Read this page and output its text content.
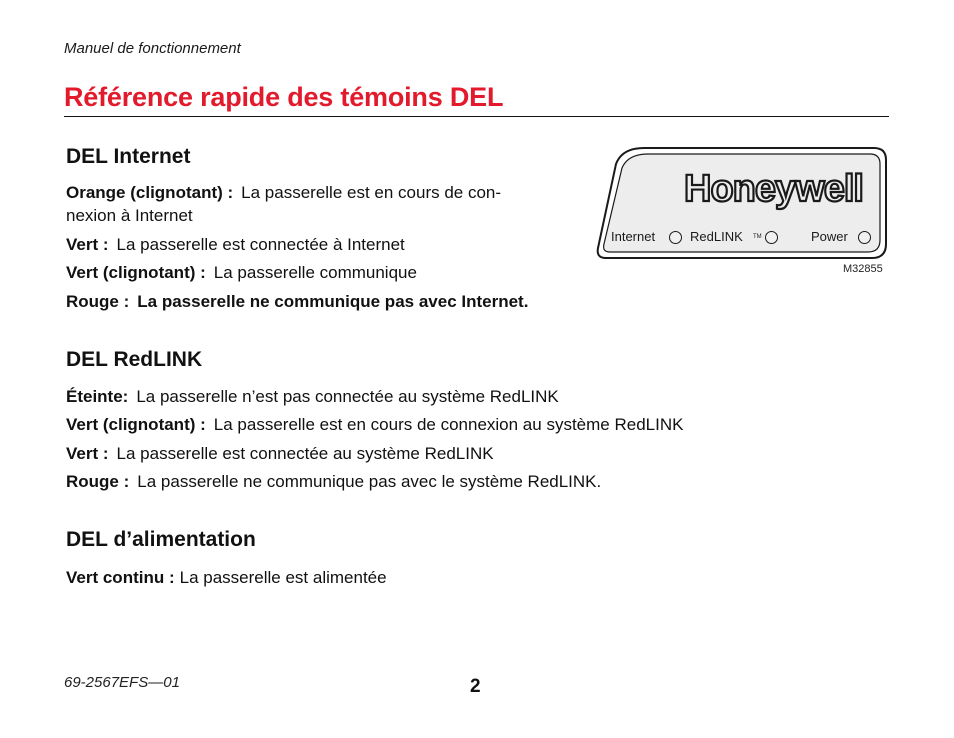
Manuel de fonctionnement
Référence rapide des témoins DEL
DEL Internet
Orange (clignotant) : La passerelle est en cours de con-
nexion à Internet
Vert : La passerelle est connectée à Internet
Vert (clignotant) : La passerelle communique
Rouge : La passerelle ne communique pas avec Internet.
DEL RedLINK
Éteinte: La passerelle n’est pas connectée au système RedLINK
Vert (clignotant) : La passerelle est en cours de connexion au système RedLINK
Vert : La passerelle est connectée au système RedLINK
Rouge : La passerelle ne communique pas avec le système RedLINK.
DEL d’alimentation
Vert continu : La passerelle est alimentée
Honeywell
Internet	RedLINK TM	Power
M32855
69-2567EFS—01	2
